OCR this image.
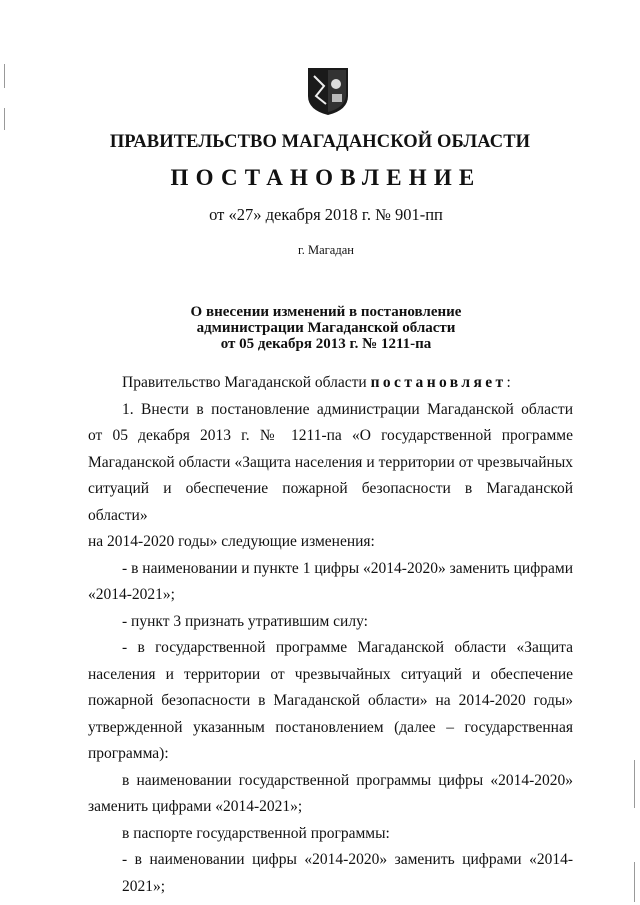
ПРАВИТЕЛЬСТВО МАГАДАНСКОЙ ОБЛАСТИ
ПОСТАНОВЛЕНИЕ
от «27» декабря 2018 г. № 901-пп
г. Магадан
О внесении изменений в постановление
администрации Магаданской области
от 05 декабря 2013 г. № 1211-па
Правительство Магаданской области постановляет:
1. Внести в постановление администрации Магаданской области
от 05 декабря 2013 г. № 1211-па «О государственной программе
Магаданской области «Защита населения и территории от чрезвычайных
ситуаций и обеспечение пожарной безопасности в Магаданской области»
на 2014-2020 годы» следующие изменения:
- в наименовании и пункте 1 цифры «2014-2020» заменить цифрами
«2014-2021»;
- пункт 3 признать утратившим силу:
- в государственной программе Магаданской области «Защита
населения и территории от чрезвычайных ситуаций и обеспечение
пожарной безопасности в Магаданской области» на 2014-2020 годы»
утвержденной указанным постановлением (далее – государственная
программа):
в наименовании государственной программы цифры «2014-2020»
заменить цифрами «2014-2021»;
в паспорте государственной программы:
- в наименовании цифры «2014-2020» заменить цифрами «2014-2021»;
